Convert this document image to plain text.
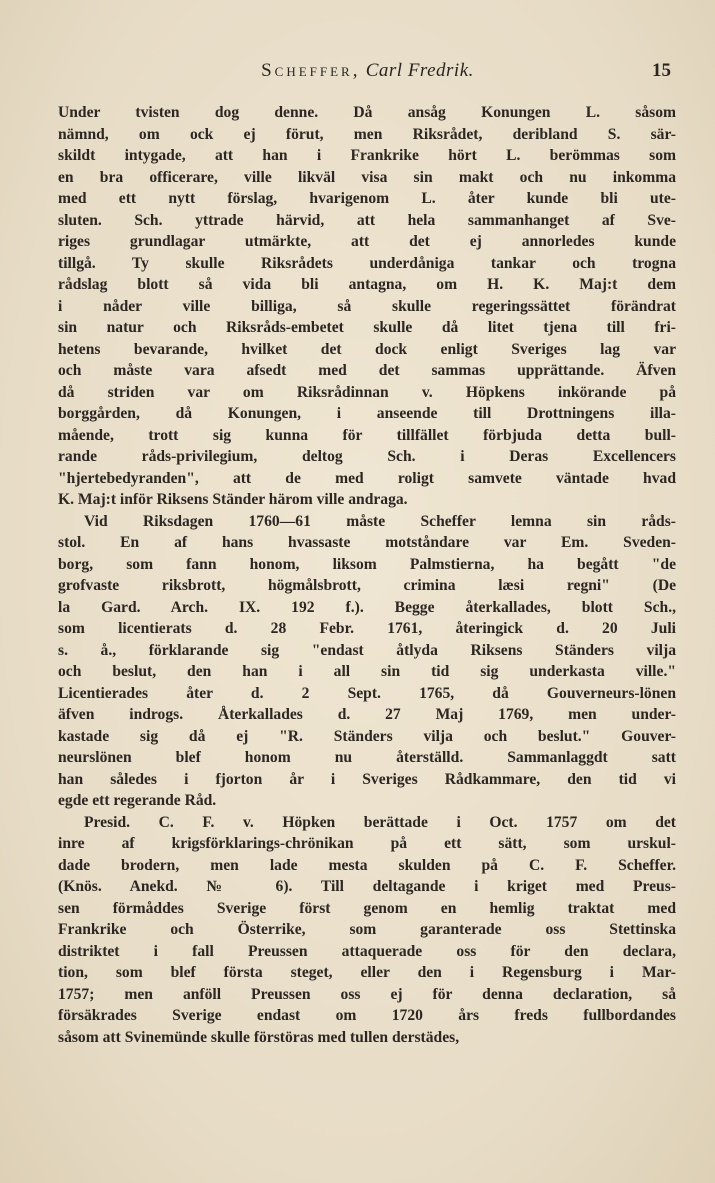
Scheffer, Carl Fredrik.	15
Under tvisten dog denne. Då ansåg Konungen L. såsom
nämnd, om ock ej förut, men Riksrådet, deribland S. sär-
skildt intygade, att han i Frankrike hört L. berömmas som
en bra officerare, ville likväl visa sin makt och nu inkomma
med ett nytt förslag, hvarigenom L. åter kunde bli ute-
sluten. Sch. yttrade härvid, att hela sammanhanget af Sve-
riges grundlagar utmärkte, att det ej annorledes kunde
tillgå. Ty skulle Riksrådets underdåniga tankar och trogna
rådslag blott så vida bli antagna, om H. K. Maj:t dem
i nåder ville billiga, så skulle regeringssättet förändrat
sin natur och Riksråds-embetet skulle då litet tjena till fri-
hetens bevarande, hvilket det dock enligt Sveriges lag var
och måste vara afsedt med det sammas upprättande. Äfven
då striden var om Riksrådinnan v. Höpkens inkörande på
borggården, då Konungen, i anseende till Drottningens illa-
mående, trott sig kunna för tillfället förbjuda detta bull-
rande råds-privilegium, deltog Sch. i Deras Excellencers
"hjertebedyranden", att de med roligt samvete väntade hvad
K. Maj:t inför Riksens Ständer härom ville andraga.
Vid Riksdagen 1760—61 måste Scheffer lemna sin råds-
stol. En af hans hvassaste motståndare var Em. Sveden-
borg, som fann honom, liksom Palmstierna, ha begått "de
grofvaste riksbrott, högmålsbrott, crimina læsi regni" (De
la Gard. Arch. IX. 192 f.). Begge återkallades, blott Sch.,
som licentierats d. 28 Febr. 1761, återingick d. 20 Juli
s. å., förklarande sig "endast åtlyda Riksens Ständers vilja
och beslut, den han i all sin tid sig underkasta ville."
Licentierades åter d. 2 Sept. 1765, då Gouverneurs-lönen
äfven indrogs. Återkallades d. 27 Maj 1769, men under-
kastade sig då ej "R. Ständers vilja och beslut." Gouver-
neurslönen blef honom nu återställd. Sammanlaggdt satt
han således i fjorton år i Sveriges Rådkammare, den tid vi
egde ett regerande Råd.
Presid. C. F. v. Höpken berättade i Oct. 1757 om det
inre af krigsförklarings-chrönikan på ett sätt, som urskul-
dade brodern, men lade mesta skulden på C. F. Scheffer.
(Knös. Anekd. № 6). Till deltagande i kriget med Preus-
sen förmåddes Sverige först genom en hemlig traktat med
Frankrike och Österrike, som garanterade oss Stettinska
distriktet i fall Preussen attaquerade oss för den declara,
tion, som blef första steget, eller den i Regensburg i Mar-
1757; men anföll Preussen oss ej för denna declaration, så
försäkrades Sverige endast om 1720 års freds fullbordandes
såsom att Svinemünde skulle förstöras med tullen derstädes,
